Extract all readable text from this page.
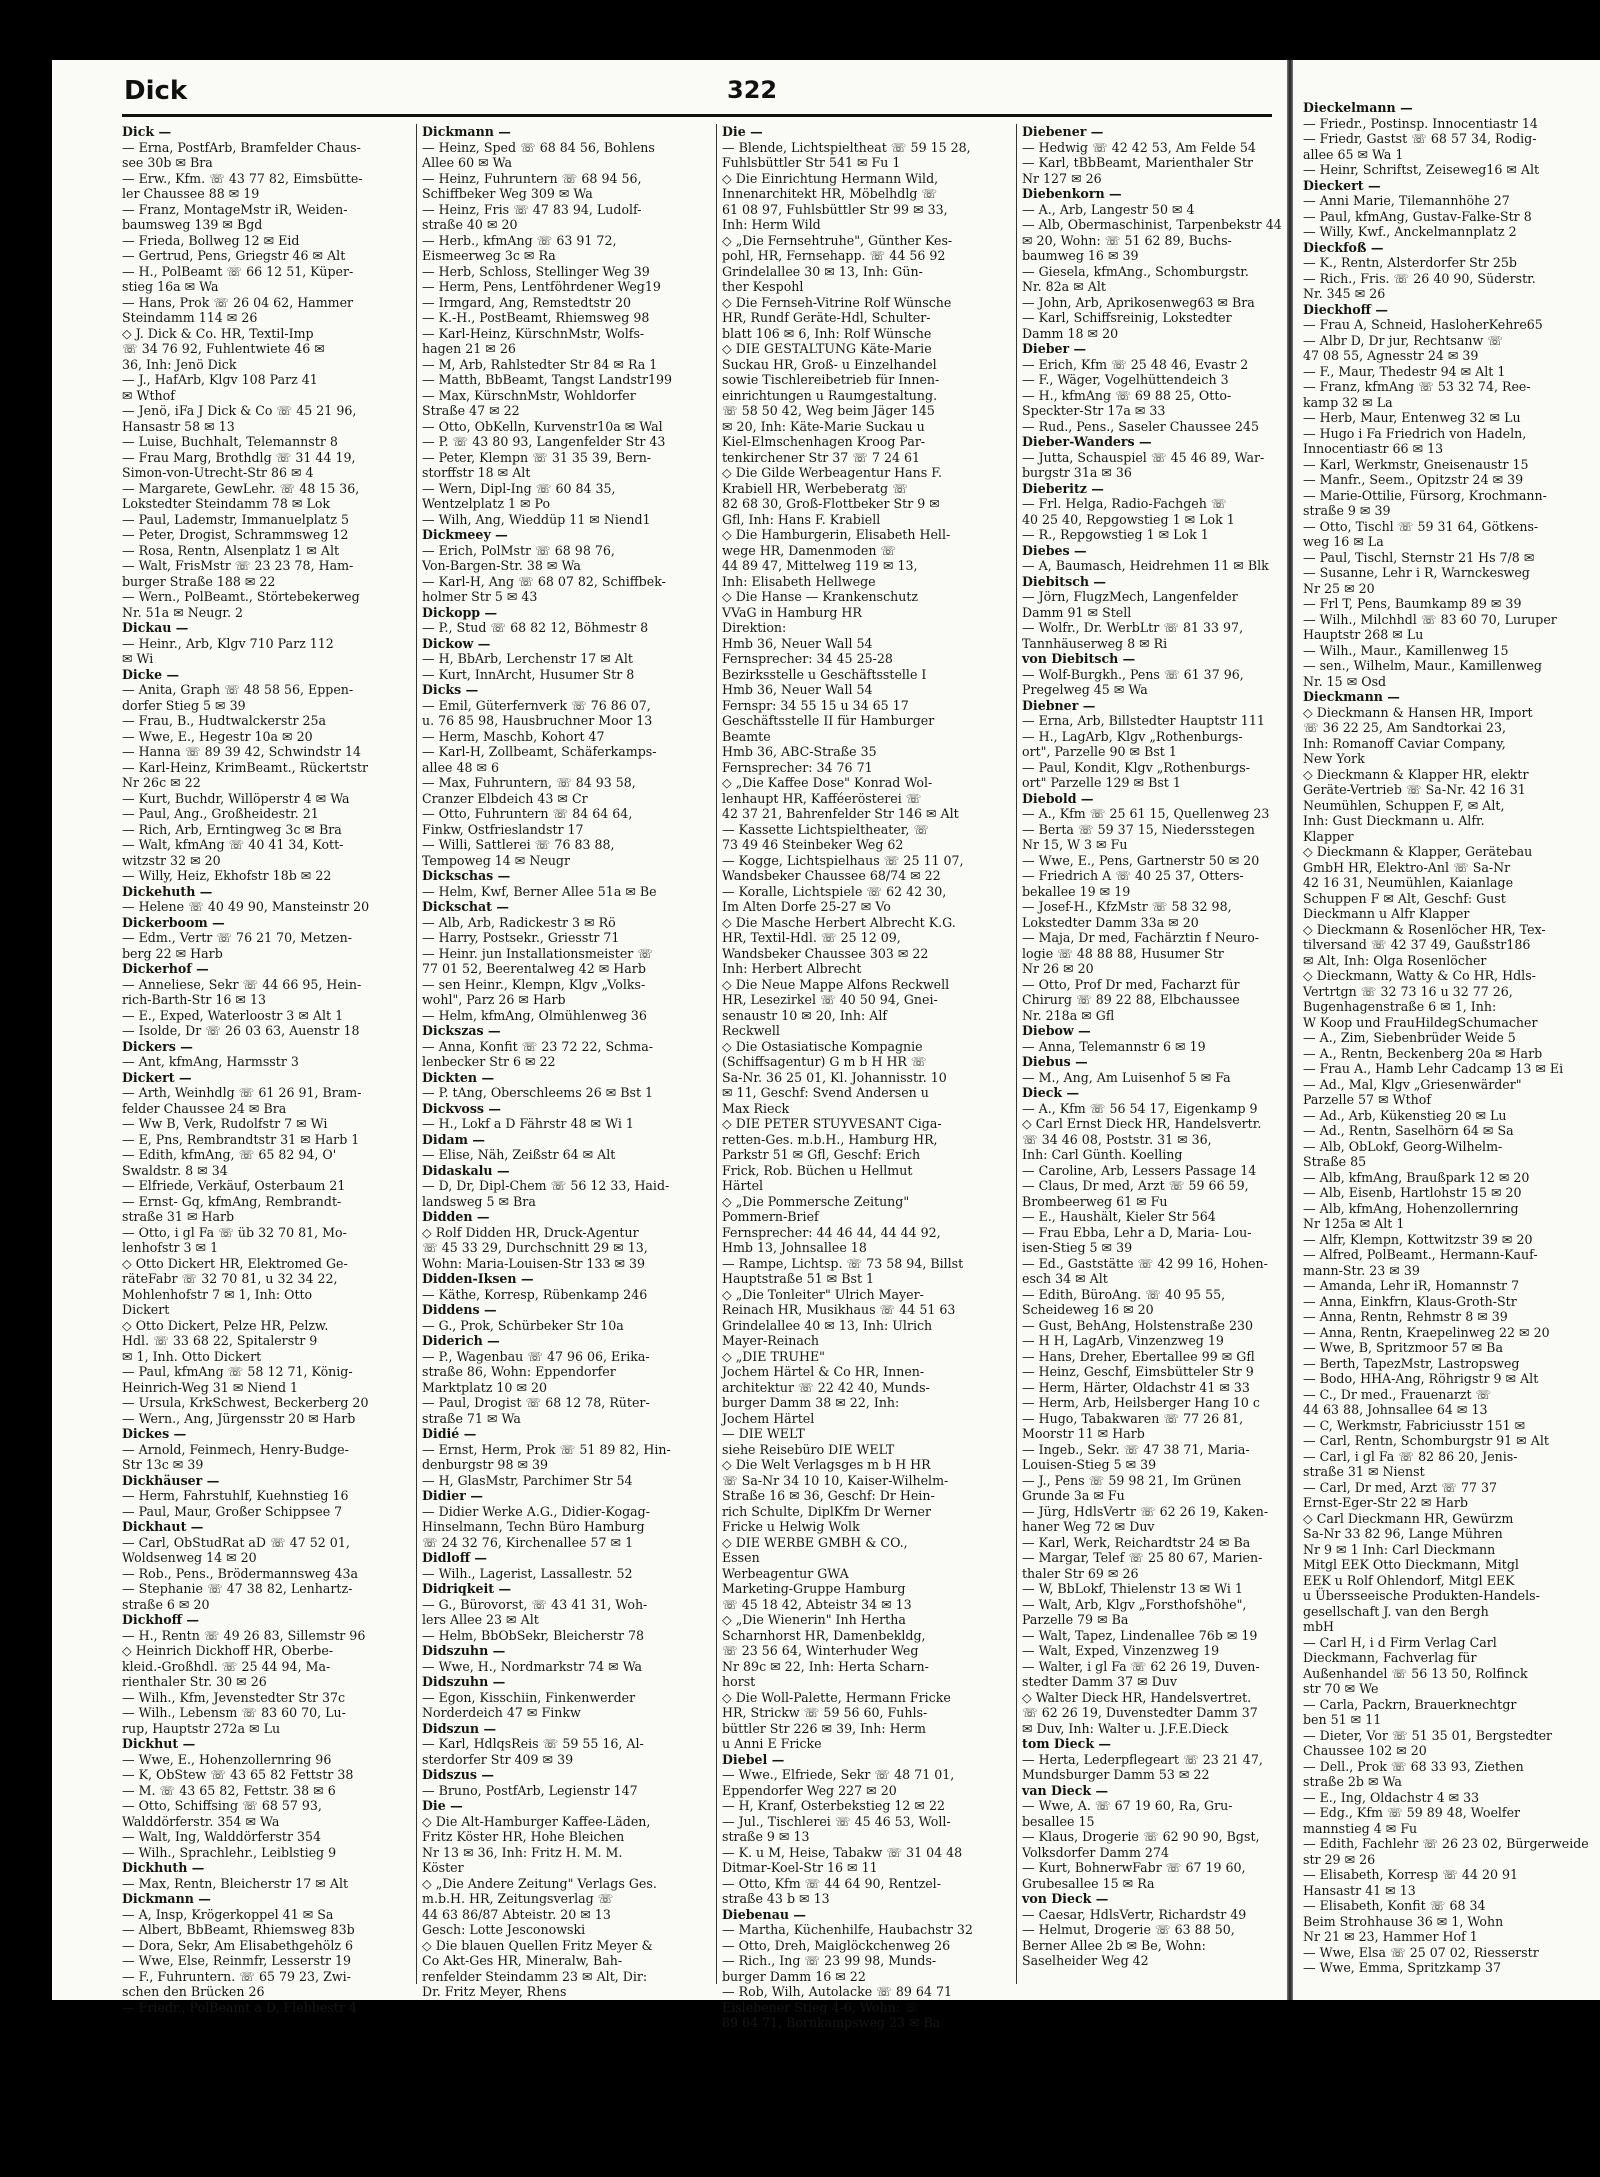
Dick	322
Dick —
— Erna, PostfArb, Bramfelder Chaus-
see 30b ✉ Bra
— Erw., Kfm. ☏ 43 77 82, Eimsbütte-
ler Chaussee 88 ✉ 19
— Franz, MontageMstr iR, Weiden-
baumsweg 139 ✉ Bgd
— Frieda, Bollweg 12 ✉ Eid
— Gertrud, Pens, Griegstr 46 ✉ Alt
— H., PolBeamt ☏ 66 12 51, Küper-
stieg 16a ✉ Wa
— Hans, Prok ☏ 26 04 62, Hammer
Steindamm 114 ✉ 26
◇ J. Dick & Co. HR, Textil-Imp
☏ 34 76 92, Fuhlentwiete 46 ✉
36, Inh: Jenö Dick
— J., HafArb, Klgv 108 Parz 41
✉ Wthof
— Jenö, iFa J Dick & Co ☏ 45 21 96,
Hansastr 58 ✉ 13
— Luise, Buchhalt, Telemannstr 8
— Frau Marg, Brothdlg ☏ 31 44 19,
Simon-von-Utrecht-Str 86 ✉ 4
— Margarete, GewLehr. ☏ 48 15 36,
Lokstedter Steindamm 78 ✉ Lok
— Paul, Lademstr, Immanuelplatz 5
— Peter, Drogist, Schrammsweg 12
— Rosa, Rentn, Alsenplatz 1 ✉ Alt
— Walt, FrisMstr ☏ 23 23 78, Ham-
burger Straße 188 ✉ 22
— Wern., PolBeamt., Störtebekerweg
Nr. 51a ✉ Neugr. 2
Dickau —
— Heinr., Arb, Klgv 710 Parz 112
✉ Wi
Dicke —
— Anita, Graph ☏ 48 58 56, Eppen-
dorfer Stieg 5 ✉ 39
— Frau, B., Hudtwalckerstr 25a
— Wwe, E., Hegestr 10a ✉ 20
— Hanna ☏ 89 39 42, Schwindstr 14
— Karl-Heinz, KrimBeamt., Rückertstr
Nr 26c ✉ 22
— Kurt, Buchdr, Willöperstr 4 ✉ Wa
— Paul, Ang., Großheidestr. 21
— Rich, Arb, Erntingweg 3c ✉ Bra
— Walt, kfmAng ☏ 40 41 34, Kott-
witzstr 32 ✉ 20
— Willy, Heiz, Ekhofstr 18b ✉ 22
Dickehuth —
— Helene ☏ 40 49 90, Mansteinstr 20
Dickerboom —
— Edm., Vertr ☏ 76 21 70, Metzen-
berg 22 ✉ Harb
Dickerhof —
— Anneliese, Sekr ☏ 44 66 95, Hein-
rich-Barth-Str 16 ✉ 13
— E., Exped, Waterloostr 3 ✉ Alt 1
— Isolde, Dr ☏ 26 03 63, Auenstr 18
Dickers —
— Ant, kfmAng, Harmsstr 3
Dickert —
— Arth, Weinhdlg ☏ 61 26 91, Bram-
felder Chaussee 24 ✉ Bra
— Ww B, Verk, Rudolfstr 7 ✉ Wi
— E, Pns, Rembrandtstr 31 ✉ Harb 1
— Edith, kfmAng, ☏ 65 82 94, O'
Swaldstr. 8 ✉ 34
— Elfriede, Verkäuf, Osterbaum 21
— Ernst- Gq, kfmAng, Rembrandt-
straße 31 ✉ Harb
— Otto, i gl Fa ☏ üb 32 70 81, Mo-
lenhofstr 3 ✉ 1
◇ Otto Dickert HR, Elektromed Ge-
räteFabr ☏ 32 70 81, u 32 34 22,
Mohlenhofstr 7 ✉ 1, Inh: Otto
Dickert
◇ Otto Dickert, Pelze HR, Pelzw.
Hdl. ☏ 33 68 22, Spitalerstr 9
✉ 1, Inh. Otto Dickert
— Paul, kfmAng ☏ 58 12 71, König-
Heinrich-Weg 31 ✉ Niend 1
— Ursula, KrkSchwest, Beckerberg 20
— Wern., Ang, Jürgensstr 20 ✉ Harb
Dickes —
— Arnold, Feinmech, Henry-Budge-
Str 13c ✉ 39
Dickhäuser —
— Herm, Fahrstuhlf, Kuehnstieg 16
— Paul, Maur, Großer Schippsee 7
Dickhaut —
— Carl, ObStudRat aD ☏ 47 52 01,
Woldsenweg 14 ✉ 20
— Rob., Pens., Brödermannsweg 43a
— Stephanie ☏ 47 38 82, Lenhartz-
straße 6 ✉ 20
Dickhoff —
— H., Rentn ☏ 49 26 83, Sillemstr 96
◇ Heinrich Dickhoff HR, Oberbe-
kleid.-Großhdl. ☏ 25 44 94, Ma-
rienthaler Str. 30 ✉ 26
— Wilh., Kfm, Jevenstedter Str 37c
— Wilh., Lebensm ☏ 83 60 70, Lu-
rup, Hauptstr 272a ✉ Lu
Dickhut —
— Wwe, E., Hohenzollernring 96
— K, ObStew ☏ 43 65 82 Fettstr 38
— M. ☏ 43 65 82, Fettstr. 38 ✉ 6
— Otto, Schiffsing ☏ 68 57 93,
Walddörferstr. 354 ✉ Wa
— Walt, Ing, Walddörferstr 354
— Wilh., Sprachlehr., Leiblstieg 9
Dickhuth —
— Max, Rentn, Bleicherstr 17 ✉ Alt
Dickmann —
— A, Insp, Krögerkoppel 41 ✉ Sa
— Albert, BbBeamt, Rhiemsweg 83b
— Dora, Sekr, Am Elisabethgehölz 6
— Wwe, Else, Reinmfr, Lesserstr 19
— F., Fuhruntern. ☏ 65 79 23, Zwi-
schen den Brücken 26
— Friedr., PolBeamt a D, Flebbestr 4
Dickmann —
— Heinz, Sped ☏ 68 84 56, Bohlens
Allee 60 ✉ Wa
— Heinz, Fuhruntern ☏ 68 94 56,
Schiffbeker Weg 309 ✉ Wa
— Heinz, Fris ☏ 47 83 94, Ludolf-
straße 40 ✉ 20
— Herb., kfmAng ☏ 63 91 72,
Eismeerweg 3c ✉ Ra
— Herb, Schloss, Stellinger Weg 39
— Herm, Pens, Lentföhrdener Weg19
— Irmgard, Ang, Remstedtstr 20
— K.-H., PostBeamt, Rhiemsweg 98
— Karl-Heinz, KürschnMstr, Wolfs-
hagen 21 ✉ 26
— M, Arb, Rahlstedter Str 84 ✉ Ra 1
— Matth, BbBeamt, Tangst Landstr199
— Max, KürschnMstr, Wohldorfer
Straße 47 ✉ 22
— Otto, ObKelln, Kurvenstr10a ✉ Wal
— P. ☏ 43 80 93, Langenfelder Str 43
— Peter, Klempn ☏ 31 35 39, Bern-
storffstr 18 ✉ Alt
— Wern, Dipl-Ing ☏ 60 84 35,
Wentzelplatz 1 ✉ Po
— Wilh, Ang, Wieddüp 11 ✉ Niend1
Dickmeey —
— Erich, PolMstr ☏ 68 98 76,
Von-Bargen-Str. 38 ✉ Wa
— Karl-H, Ang ☏ 68 07 82, Schiffbek-
holmer Str 5 ✉ 43
Dickopp —
— P., Stud ☏ 68 82 12, Böhmestr 8
Dickow —
— H, BbArb, Lerchenstr 17 ✉ Alt
— Kurt, InnArcht, Husumer Str 8
Dicks —
— Emil, Güterfernverk ☏ 76 86 07,
u. 76 85 98, Hausbruchner Moor 13
— Herm, Maschb, Kohort 47
— Karl-H, Zollbeamt, Schäferkamps-
allee 48 ✉ 6
— Max, Fuhruntern, ☏ 84 93 58,
Cranzer Elbdeich 43 ✉ Cr
— Otto, Fuhruntern ☏ 84 64 64,
Finkw, Ostfrieslandstr 17
— Willi, Sattlerei ☏ 76 83 88,
Tempoweg 14 ✉ Neugr
Dickschas —
— Helm, Kwf, Berner Allee 51a ✉ Be
Dickschat —
— Alb, Arb, Radickestr 3 ✉ Rö
— Harry, Postsekr., Griesstr 71
— Heinr. jun Installationsmeister ☏
77 01 52, Beerentalweg 42 ✉ Harb
— sen Heinr., Klempn, Klgv „Volks-
wohl", Parz 26 ✉ Harb
— Helm, kfmAng, Olmühlenweg 36
Dickszas —
— Anna, Konfit ☏ 23 72 22, Schma-
lenbecker Str 6 ✉ 22
Dickten —
— P. tAng, Oberschleems 26 ✉ Bst 1
Dickvoss —
— H., Lokf a D Fährstr 48 ✉ Wi 1
Didam —
— Elise, Näh, Zeißstr 64 ✉ Alt
Didaskalu —
— D, Dr, Dipl-Chem ☏ 56 12 33, Haid-
landsweg 5 ✉ Bra
Didden —
◇ Rolf Didden HR, Druck-Agentur
☏ 45 33 29, Durchschnitt 29 ✉ 13,
Wohn: Maria-Louisen-Str 133 ✉ 39
Didden-Iksen —
— Käthe, Korresp, Rübenkamp 246
Diddens —
— G., Prok, Schürbeker Str 10a
Diderich —
— P., Wagenbau ☏ 47 96 06, Erika-
straße 86, Wohn: Eppendorfer
Marktplatz 10 ✉ 20
— Paul, Drogist ☏ 68 12 78, Rüter-
straße 71 ✉ Wa
Didié —
— Ernst, Herm, Prok ☏ 51 89 82, Hin-
denburgstr 98 ✉ 39
— H, GlasMstr, Parchimer Str 54
Didier —
— Didier Werke A.G., Didier-Kogag-
Hinselmann, Techn Büro Hamburg
☏ 24 32 76, Kirchenallee 57 ✉ 1
Didloff —
— Wilh., Lagerist, Lassallestr. 52
Didriqkeit —
— G., Bürovorst, ☏ 43 41 31, Woh-
lers Allee 23 ✉ Alt
— Helm, BbObSekr, Bleicherstr 78
Didszuhn —
— Wwe, H., Nordmarkstr 74 ✉ Wa
Didszuhn —
— Egon, Kisschiin, Finkenwerder
Norderdeich 47 ✉ Finkw
Didszun —
— Karl, HdlqsReis ☏ 59 55 16, Al-
sterdorfer Str 409 ✉ 39
Didszus —
— Bruno, PostfArb, Legienstr 147
Die —
◇ Die Alt-Hamburger Kaffee-Läden,
Fritz Köster HR, Hohe Bleichen
Nr 13 ✉ 36, Inh: Fritz H. M. M.
Köster
◇ „Die Andere Zeitung" Verlags Ges.
m.b.H. HR, Zeitungsverlag ☏
44 63 86/87 Abteistr. 20 ✉ 13
Gesch: Lotte Jesconowski
◇ Die blauen Quellen Fritz Meyer &
Co Akt-Ges HR, Mineralw, Bah-
renfelder Steindamm 23 ✉ Alt, Dir:
Dr. Fritz Meyer, Rhens
Die —
— Blende, Lichtspieltheat ☏ 59 15 28,
Fuhlsbüttler Str 541 ✉ Fu 1
◇ Die Einrichtung Hermann Wild,
Innenarchitekt HR, Möbelhdlg ☏
61 08 97, Fuhlsbüttler Str 99 ✉ 33,
Inh: Herm Wild
◇ „Die Fernsehtruhe", Günther Kes-
pohl, HR, Fernsehapp. ☏ 44 56 92
Grindelallee 30 ✉ 13, Inh: Gün-
ther Kespohl
◇ Die Fernseh-Vitrine Rolf Wünsche
HR, Rundf Geräte-Hdl, Schulter-
blatt 106 ✉ 6, Inh: Rolf Wünsche
◇ DIE GESTALTUNG Käte-Marie
Suckau HR, Groß- u Einzelhandel
sowie Tischlereibetrieb für Innen-
einrichtungen u Raumgestaltung.
☏ 58 50 42, Weg beim Jäger 145
✉ 20, Inh: Käte-Marie Suckau u
Kiel-Elmschenhagen Kroog Par-
tenkirchener Str 37 ☏ 7 24 61
◇ Die Gilde Werbeagentur Hans F.
Krabiell HR, Werbeberatg ☏
82 68 30, Groß-Flottbeker Str 9 ✉
Gfl, Inh: Hans F. Krabiell
◇ Die Hamburgerin, Elisabeth Hell-
wege HR, Damenmoden ☏
44 89 47, Mittelweg 119 ✉ 13,
Inh: Elisabeth Hellwege
◇ Die Hanse — Krankenschutz
VVaG in Hamburg HR
Direktion:
Hmb 36, Neuer Wall 54
Fernsprecher: 34 45 25-28
Bezirksstelle u Geschäftsstelle I
Hmb 36, Neuer Wall 54
Fernspr: 34 55 15 u 34 65 17
Geschäftsstelle II für Hamburger
Beamte
Hmb 36, ABC-Straße 35
Fernsprecher: 34 76 71
◇ „Die Kaffee Dose" Konrad Wol-
lenhaupt HR, Kafféerösterei ☏
42 37 21, Bahrenfelder Str 146 ✉ Alt
— Kassette Lichtspieltheater, ☏
73 49 46 Steinbeker Weg 62
— Kogge, Lichtspielhaus ☏ 25 11 07,
Wandsbeker Chaussee 68/74 ✉ 22
— Koralle, Lichtspiele ☏ 62 42 30,
Im Alten Dorfe 25-27 ✉ Vo
◇ Die Masche Herbert Albrecht K.G.
HR, Textil-Hdl. ☏ 25 12 09,
Wandsbeker Chaussee 303 ✉ 22
Inh: Herbert Albrecht
◇ Die Neue Mappe Alfons Reckwell
HR, Lesezirkel ☏ 40 50 94, Gnei-
senaustr 10 ✉ 20, Inh: Alf
Reckwell
◇ Die Ostasiatische Kompagnie
(Schiffsagentur) G m b H HR ☏
Sa-Nr. 36 25 01, Kl. Johannisstr. 10
✉ 11, Geschf: Svend Andersen u
Max Rieck
◇ DIE PETER STUYVESANT Ciga-
retten-Ges. m.b.H., Hamburg HR,
Parkstr 51 ✉ Gfl, Geschf: Erich
Frick, Rob. Büchen u Hellmut
Härtel
◇ „Die Pommersche Zeitung"
Pommern-Brief
Fernsprecher: 44 46 44, 44 44 92,
Hmb 13, Johnsallee 18
— Rampe, Lichtsp. ☏ 73 58 94, Billst
Hauptstraße 51 ✉ Bst 1
◇ „Die Tonleiter" Ulrich Mayer-
Reinach HR, Musikhaus ☏ 44 51 63
Grindelallee 40 ✉ 13, Inh: Ulrich
Mayer-Reinach
◇ „DIE TRUHE"
Jochem Härtel & Co HR, Innen-
architektur ☏ 22 42 40, Munds-
burger Damm 38 ✉ 22, Inh:
Jochem Härtel
— DIE WELT
siehe Reisebüro DIE WELT
◇ Die Welt Verlagsges m b H HR
☏ Sa-Nr 34 10 10, Kaiser-Wilhelm-
Straße 16 ✉ 36, Geschf: Dr Hein-
rich Schulte, DiplKfm Dr Werner
Fricke u Helwig Wolk
◇ DIE WERBE GMBH & CO.,
Essen
Werbeagentur GWA
Marketing-Gruppe Hamburg
☏ 45 18 42, Abteistr 34 ✉ 13
◇ „Die Wienerin" Inh Hertha
Scharnhorst HR, Damenbekldg,
☏ 23 56 64, Winterhuder Weg
Nr 89c ✉ 22, Inh: Herta Scharn-
horst
◇ Die Woll-Palette, Hermann Fricke
HR, Strickw ☏ 59 56 60, Fuhls-
büttler Str 226 ✉ 39, Inh: Herm
u Anni E Fricke
Diebel —
— Wwe., Elfriede, Sekr ☏ 48 71 01,
Eppendorfer Weg 227 ✉ 20
— H, Kranf, Osterbekstieg 12 ✉ 22
— Jul., Tischlerei ☏ 45 46 53, Woll-
straße 9 ✉ 13
— K. u M, Heise, Tabakw ☏ 31 04 48
Ditmar-Koel-Str 16 ✉ 11
— Otto, Kfm ☏ 44 64 90, Rentzel-
straße 43 b ✉ 13
Diebenau —
— Martha, Küchenhilfe, Haubachstr 32
— Otto, Dreh, Maiglöckchenweg 26
— Rich., Ing ☏ 23 99 98, Munds-
burger Damm 16 ✉ 22
— Rob, Wilh, Autolacke ☏ 89 64 71
Eislebener Stieg 4-6, Wohn: ☏
89 64 71, Bornkampsweg 23 ✉ Ba
Diebener —
— Hedwig ☏ 42 42 53, Am Felde 54
— Karl, tBbBeamt, Marienthaler Str
Nr 127 ✉ 26
Diebenkorn —
— A., Arb, Langestr 50 ✉ 4
— Alb, Obermaschinist, Tarpenbekstr 44
✉ 20, Wohn: ☏ 51 62 89, Buchs-
baumweg 16 ✉ 39
— Giesela, kfmAng., Schomburgstr.
Nr. 82a ✉ Alt
— John, Arb, Aprikosenweg63 ✉ Bra
— Karl, Schiffsreinig, Lokstedter
Damm 18 ✉ 20
Dieber —
— Erich, Kfm ☏ 25 48 46, Evastr 2
— F., Wäger, Vogelhüttendeich 3
— H., kfmAng ☏ 69 88 25, Otto-
Speckter-Str 17a ✉ 33
— Rud., Pens., Saseler Chaussee 245
Dieber-Wanders —
— Jutta, Schauspiel ☏ 45 46 89, War-
burgstr 31a ✉ 36
Dieberitz —
— Frl. Helga, Radio-Fachgeh ☏
40 25 40, Repgowstieg 1 ✉ Lok 1
— R., Repgowstieg 1 ✉ Lok 1
Diebes —
— A, Baumasch, Heidrehmen 11 ✉ Blk
Diebitsch —
— Jörn, FlugzMech, Langenfelder
Damm 91 ✉ Stell
— Wolfr., Dr. WerbLtr ☏ 81 33 97,
Tannhäuserweg 8 ✉ Ri
von Diebitsch —
— Wolf-Burgkh., Pens ☏ 61 37 96,
Pregelweg 45 ✉ Wa
Diebner —
— Erna, Arb, Billstedter Hauptstr 111
— H., LagArb, Klgv „Rothenburgs-
ort", Parzelle 90 ✉ Bst 1
— Paul, Kondit, Klgv „Rothenburgs-
ort" Parzelle 129 ✉ Bst 1
Diebold —
— A., Kfm ☏ 25 61 15, Quellenweg 23
— Berta ☏ 59 37 15, Niedersstegen
Nr 15, W 3 ✉ Fu
— Wwe, E., Pens, Gartnerstr 50 ✉ 20
— Friedrich A ☏ 40 25 37, Otters-
bekallee 19 ✉ 19
— Josef-H., KfzMstr ☏ 58 32 98,
Lokstedter Damm 33a ✉ 20
— Maja, Dr med, Fachärztin f Neuro-
logie ☏ 48 88 88, Husumer Str
Nr 26 ✉ 20
— Otto, Prof Dr med, Facharzt für
Chirurg ☏ 89 22 88, Elbchaussee
Nr. 218a ✉ Gfl
Diebow —
— Anna, Telemannstr 6 ✉ 19
Diebus —
— M., Ang, Am Luisenhof 5 ✉ Fa
Dieck —
— A., Kfm ☏ 56 54 17, Eigenkamp 9
◇ Carl Ernst Dieck HR, Handelsvertr.
☏ 34 46 08, Poststr. 31 ✉ 36,
Inh: Carl Günth. Koelling
— Caroline, Arb, Lessers Passage 14
— Claus, Dr med, Arzt ☏ 59 66 59,
Brombeerweg 61 ✉ Fu
— E., Haushält, Kieler Str 564
— Frau Ebba, Lehr a D, Maria- Lou-
isen-Stieg 5 ✉ 39
— Ed., Gaststätte ☏ 42 99 16, Hohen-
esch 34 ✉ Alt
— Edith, BüroAng. ☏ 40 95 55,
Scheideweg 16 ✉ 20
— Gust, BehAng, Holstenstraße 230
— H H, LagArb, Vinzenzweg 19
— Hans, Dreher, Ebertallee 99 ✉ Gfl
— Heinz, Geschf, Eimsbütteler Str 9
— Herm, Härter, Oldachstr 41 ✉ 33
— Herm, Arb, Heilsberger Hang 10 c
— Hugo, Tabakwaren ☏ 77 26 81,
Moorstr 11 ✉ Harb
— Ingeb., Sekr. ☏ 47 38 71, Maria-
Louisen-Stieg 5 ✉ 39
— J., Pens ☏ 59 98 21, Im Grünen
Grunde 3a ✉ Fu
— Jürg, HdlsVertr ☏ 62 26 19, Kaken-
haner Weg 72 ✉ Duv
— Karl, Werk, Reichardtstr 24 ✉ Ba
— Margar, Telef ☏ 25 80 67, Marien-
thaler Str 69 ✉ 26
— W, BbLokf, Thielenstr 13 ✉ Wi 1
— Walt, Arb, Klgv „Forsthofshöhe",
Parzelle 79 ✉ Ba
— Walt, Tapez, Lindenallee 76b ✉ 19
— Walt, Exped, Vinzenzweg 19
— Walter, i gl Fa ☏ 62 26 19, Duven-
stedter Damm 37 ✉ Duv
◇ Walter Dieck HR, Handelsvertret.
☏ 62 26 19, Duvenstedter Damm 37
✉ Duv, Inh: Walter u. J.F.E.Dieck
tom Dieck —
— Herta, Lederpflegeart ☏ 23 21 47,
Mundsburger Damm 53 ✉ 22
van Dieck —
— Wwe, A. ☏ 67 19 60, Ra, Gru-
besallee 15
— Klaus, Drogerie ☏ 62 90 90, Bgst,
Volksdorfer Damm 274
— Kurt, BohnerwFabr ☏ 67 19 60,
Grubesallee 15 ✉ Ra
von Dieck —
— Caesar, HdlsVertr, Richardstr 49
— Helmut, Drogerie ☏ 63 88 50,
Berner Allee 2b ✉ Be, Wohn:
Saselheider Weg 42
Dieckelmann —
— Friedr., Postinsp. Innocentiastr 14
— Friedr, Gastst ☏ 68 57 34, Rodig-
allee 65 ✉ Wa 1
— Heinr, Schriftst, Zeiseweg16 ✉ Alt
Dieckert —
— Anni Marie, Tilemannhöhe 27
— Paul, kfmAng, Gustav-Falke-Str 8
— Willy, Kwf., Anckelmannplatz 2
Dieckfoß —
— K., Rentn, Alsterdorfer Str 25b
— Rich., Fris. ☏ 26 40 90, Süderstr.
Nr. 345 ✉ 26
Dieckhoff —
— Frau A, Schneid, HasloherKehre65
— Albr D, Dr jur, Rechtsanw ☏
47 08 55, Agnesstr 24 ✉ 39
— F., Maur, Thedestr 94 ✉ Alt 1
— Franz, kfmAng ☏ 53 32 74, Ree-
kamp 32 ✉ La
— Herb, Maur, Entenweg 32 ✉ Lu
— Hugo i Fa Friedrich von Hadeln,
Innocentiastr 66 ✉ 13
— Karl, Werkmstr, Gneisenaustr 15
— Manfr., Seem., Opitzstr 24 ✉ 39
— Marie-Ottilie, Fürsorg, Krochmann-
straße 9 ✉ 39
— Otto, Tischl ☏ 59 31 64, Götkens-
weg 16 ✉ La
— Paul, Tischl, Sternstr 21 Hs 7/8 ✉
— Susanne, Lehr i R, Warnckesweg
Nr 25 ✉ 20
— Frl T, Pens, Baumkamp 89 ✉ 39
— Wilh., Milchhdl ☏ 83 60 70, Luruper
Hauptstr 268 ✉ Lu
— Wilh., Maur., Kamillenweg 15
— sen., Wilhelm, Maur., Kamillenweg
Nr. 15 ✉ Osd
Dieckmann —
◇ Dieckmann & Hansen HR, Import
☏ 36 22 25, Am Sandtorkai 23,
Inh: Romanoff Caviar Company,
New York
◇ Dieckmann & Klapper HR, elektr
Geräte-Vertrieb ☏ Sa-Nr. 42 16 31
Neumühlen, Schuppen F, ✉ Alt,
Inh: Gust Dieckmann u. Alfr.
Klapper
◇ Dieckmann & Klapper, Gerätebau
GmbH HR, Elektro-Anl ☏ Sa-Nr
42 16 31, Neumühlen, Kaianlage
Schuppen F ✉ Alt, Geschf: Gust
Dieckmann u Alfr Klapper
◇ Dieckmann & Rosenlöcher HR, Tex-
tilversand ☏ 42 37 49, Gaußstr186
✉ Alt, Inh: Olga Rosenlöcher
◇ Dieckmann, Watty & Co HR, Hdls-
Vertrtgn ☏ 32 73 16 u 32 77 26,
Bugenhagenstraße 6 ✉ 1, Inh:
W Koop und FrauHildegSchumacher
— A., Zim, Siebenbrüder Weide 5
— A., Rentn, Beckenberg 20a ✉ Harb
— Frau A., Hamb Lehr Cadcamp 13 ✉ Ei
— Ad., Mal, Klgv „Griesenwärder"
Parzelle 57 ✉ Wthof
— Ad., Arb, Kükenstieg 20 ✉ Lu
— Ad., Rentn, Saselhörn 64 ✉ Sa
— Alb, ObLokf, Georg-Wilhelm-
Straße 85
— Alb, kfmAng, Braußpark 12 ✉ 20
— Alb, Eisenb, Hartlohstr 15 ✉ 20
— Alb, kfmAng, Hohenzollernring
Nr 125a ✉ Alt 1
— Alfr, Klempn, Kottwitzstr 39 ✉ 20
— Alfred, PolBeamt., Hermann-Kauf-
mann-Str. 23 ✉ 39
— Amanda, Lehr iR, Homannstr 7
— Anna, Einkfrn, Klaus-Groth-Str
— Anna, Rentn, Rehmstr 8 ✉ 39
— Anna, Rentn, Kraepelinweg 22 ✉ 20
— Wwe, B, Spritzmoor 57 ✉ Ba
— Berth, TapezMstr, Lastropsweg
— Bodo, HHA-Ang, Röhrigstr 9 ✉ Alt
— C., Dr med., Frauenarzt ☏
44 63 88, Johnsallee 64 ✉ 13
— C, Werkmstr, Fabriciusstr 151 ✉
— Carl, Rentn, Schomburgstr 91 ✉ Alt
— Carl, i gl Fa ☏ 82 86 20, Jenis-
straße 31 ✉ Nienst
— Carl, Dr med, Arzt ☏ 77 37
Ernst-Eger-Str 22 ✉ Harb
◇ Carl Dieckmann HR, Gewürzm
Sa-Nr 33 82 96, Lange Mühren
Nr 9 ✉ 1 Inh: Carl Dieckmann
Mitgl EEK Otto Dieckmann, Mitgl
EEK u Rolf Ohlendorf, Mitgl EEK
u Übersseeische Produkten-Handels-
gesellschaft J. van den Bergh
mbH
— Carl H, i d Firm Verlag Carl
Dieckmann, Fachverlag für
Außenhandel ☏ 56 13 50, Rolfinck
str 70 ✉ We
— Carla, Packrn, Brauerknechtgr
ben 51 ✉ 11
— Dieter, Vor ☏ 51 35 01, Bergstedter
Chaussee 102 ✉ 20
— Dell., Prok ☏ 68 33 93, Ziethen
straße 2b ✉ Wa
— E., Ing, Oldachstr 4 ✉ 33
— Edg., Kfm ☏ 59 89 48, Woelfer
mannstieg 4 ✉ Fu
— Edith, Fachlehr ☏ 26 23 02, Bürgerweide
str 29 ✉ 26
— Elisabeth, Korresp ☏ 44 20 91
Hansastr 41 ✉ 13
— Elisabeth, Konfit ☏ 68 34
Beim Strohhause 36 ✉ 1, Wohn
Nr 21 ✉ 23, Hammer Hof 1
— Wwe, Elsa ☏ 25 07 02, Riesserstr
— Wwe, Emma, Spritzkamp 37
